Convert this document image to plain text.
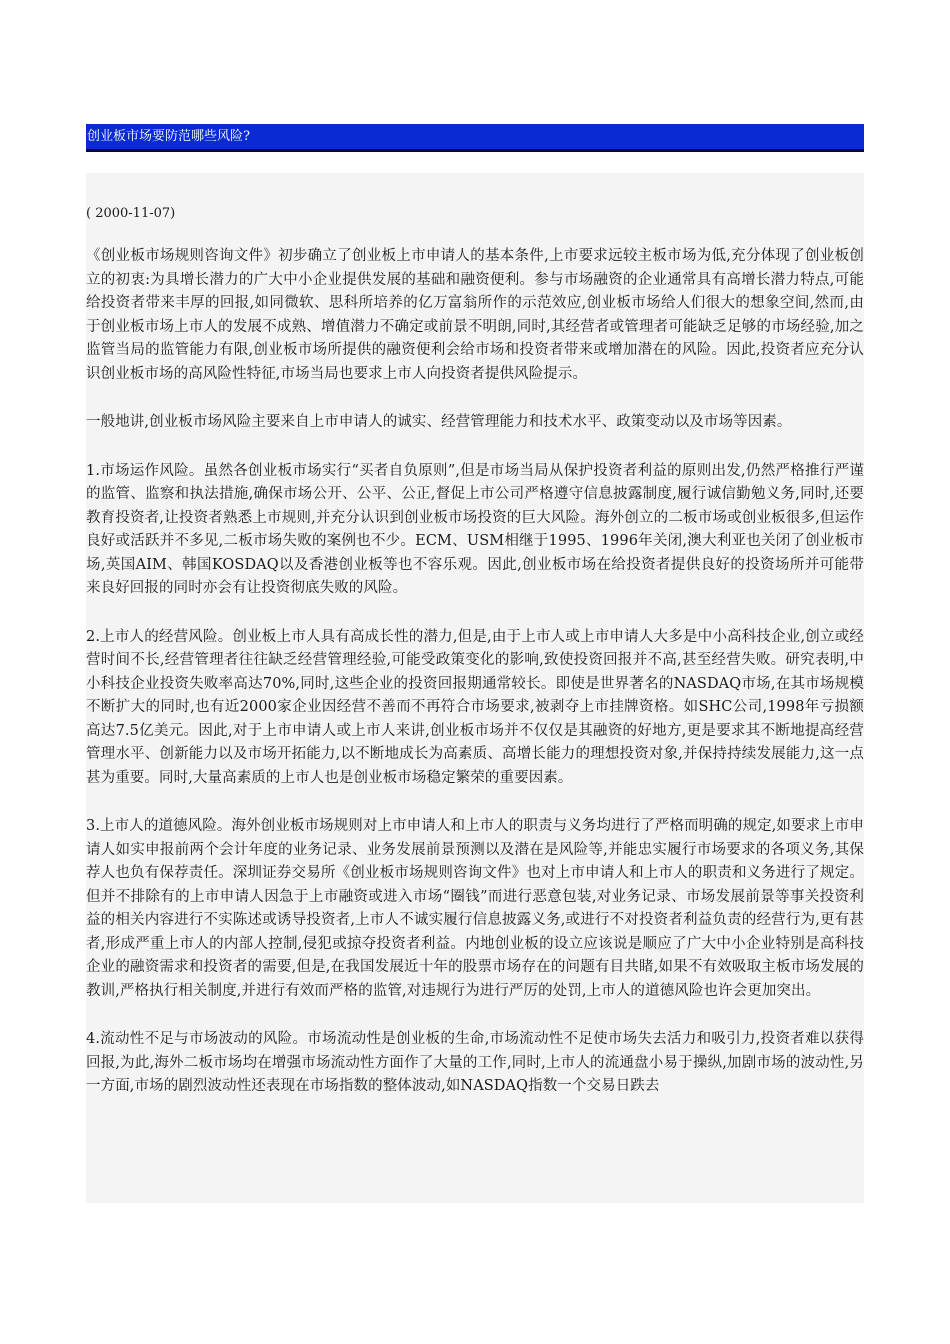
创业板市场要防范哪些风险?
( 2000-11-07)

《创业板市场规则咨询文件》初步确立了创业板上市申请人的基本条件,上市要求远较主板市场为低,充分体现了创业板创立的初衷:为具增长潜力的广大中小企业提供发展的基础和融资便利。参与市场融资的企业通常具有高增长潜力特点,可能给投资者带来丰厚的回报,如同微软、思科所培养的亿万富翁所作的示范效应,创业板市场给人们很大的想象空间,然而,由于创业板市场上市人的发展不成熟、增值潜力不确定或前景不明朗,同时,其经营者或管理者可能缺乏足够的市场经验,加之监管当局的监管能力有限,创业板市场所提供的融资便利会给市场和投资者带来或增加潜在的风险。因此,投资者应充分认识创业板市场的高风险性特征,市场当局也要求上市人向投资者提供风险提示。

一般地讲,创业板市场风险主要来自上市申请人的诚实、经营管理能力和技术水平、政策变动以及市场等因素。

1.市场运作风险。虽然各创业板市场实行“买者自负原则”,但是市场当局从保护投资者利益的原则出发,仍然严格推行严谨的监管、监察和执法措施,确保市场公开、公平、公正,督促上市公司严格遵守信息披露制度,履行诚信勤勉义务,同时,还要教育投资者,让投资者熟悉上市规则,并充分认识到创业板市场投资的巨大风险。海外创立的二板市场或创业板很多,但运作良好或活跃并不多见,二板市场失败的案例也不少。ECM、USM相继于1995、1996年关闭,澳大利亚也关闭了创业板市场,英国AIM、韩国KOSDAQ以及香港创业板等也不容乐观。因此,创业板市场在给投资者提供良好的投资场所并可能带来良好回报的同时亦会有让投资彻底失败的风险。

2.上市人的经营风险。创业板上市人具有高成长性的潜力,但是,由于上市人或上市申请人大多是中小高科技企业,创立或经营时间不长,经营管理者往往缺乏经营管理经验,可能受政策变化的影响,致使投资回报并不高,甚至经营失败。研究表明,中小科技企业投资失败率高达70%,同时,这些企业的投资回报期通常较长。即使是世界著名的NASDAQ市场,在其市场规模不断扩大的同时,也有近2000家企业因经营不善而不再符合市场要求,被剥夺上市挂牌资格。如SHC公司,1998年亏损额高达7.5亿美元。因此,对于上市申请人或上市人来讲,创业板市场并不仅仅是其融资的好地方,更是要求其不断地提高经营管理水平、创新能力以及市场开拓能力,以不断地成长为高素质、高增长能力的理想投资对象,并保持持续发展能力,这一点甚为重要。同时,大量高素质的上市人也是创业板市场稳定繁荣的重要因素。

3.上市人的道德风险。海外创业板市场规则对上市申请人和上市人的职责与义务均进行了严格而明确的规定,如要求上市申请人如实申报前两个会计年度的业务记录、业务发展前景预测以及潜在是风险等,并能忠实履行市场要求的各项义务,其保荐人也负有保荐责任。深圳证券交易所《创业板市场规则咨询文件》也对上市申请人和上市人的职责和义务进行了规定。但并不排除有的上市申请人因急于上市融资或进入市场“圈钱”而进行恶意包装,对业务记录、市场发展前景等事关投资利益的相关内容进行不实陈述或诱导投资者,上市人不诚实履行信息披露义务,或进行不对投资者利益负责的经营行为,更有甚者,形成严重上市人的内部人控制,侵犯或掠夺投资者利益。内地创业板的设立应该说是顺应了广大中小企业特别是高科技企业的融资需求和投资者的需要,但是,在我国发展近十年的股票市场存在的问题有目共睹,如果不有效吸取主板市场发展的教训,严格执行相关制度,并进行有效而严格的监管,对违规行为进行严厉的处罚,上市人的道德风险也许会更加突出。

4.流动性不足与市场波动的风险。市场流动性是创业板的生命,市场流动性不足使市场失去活力和吸引力,投资者难以获得回报,为此,海外二板市场均在增强市场流动性方面作了大量的工作,同时,上市人的流通盘小易于操纵,加剧市场的波动性,另一方面,市场的剧烈波动性还表现在市场指数的整体波动,如NASDAQ指数一个交易日跌去
